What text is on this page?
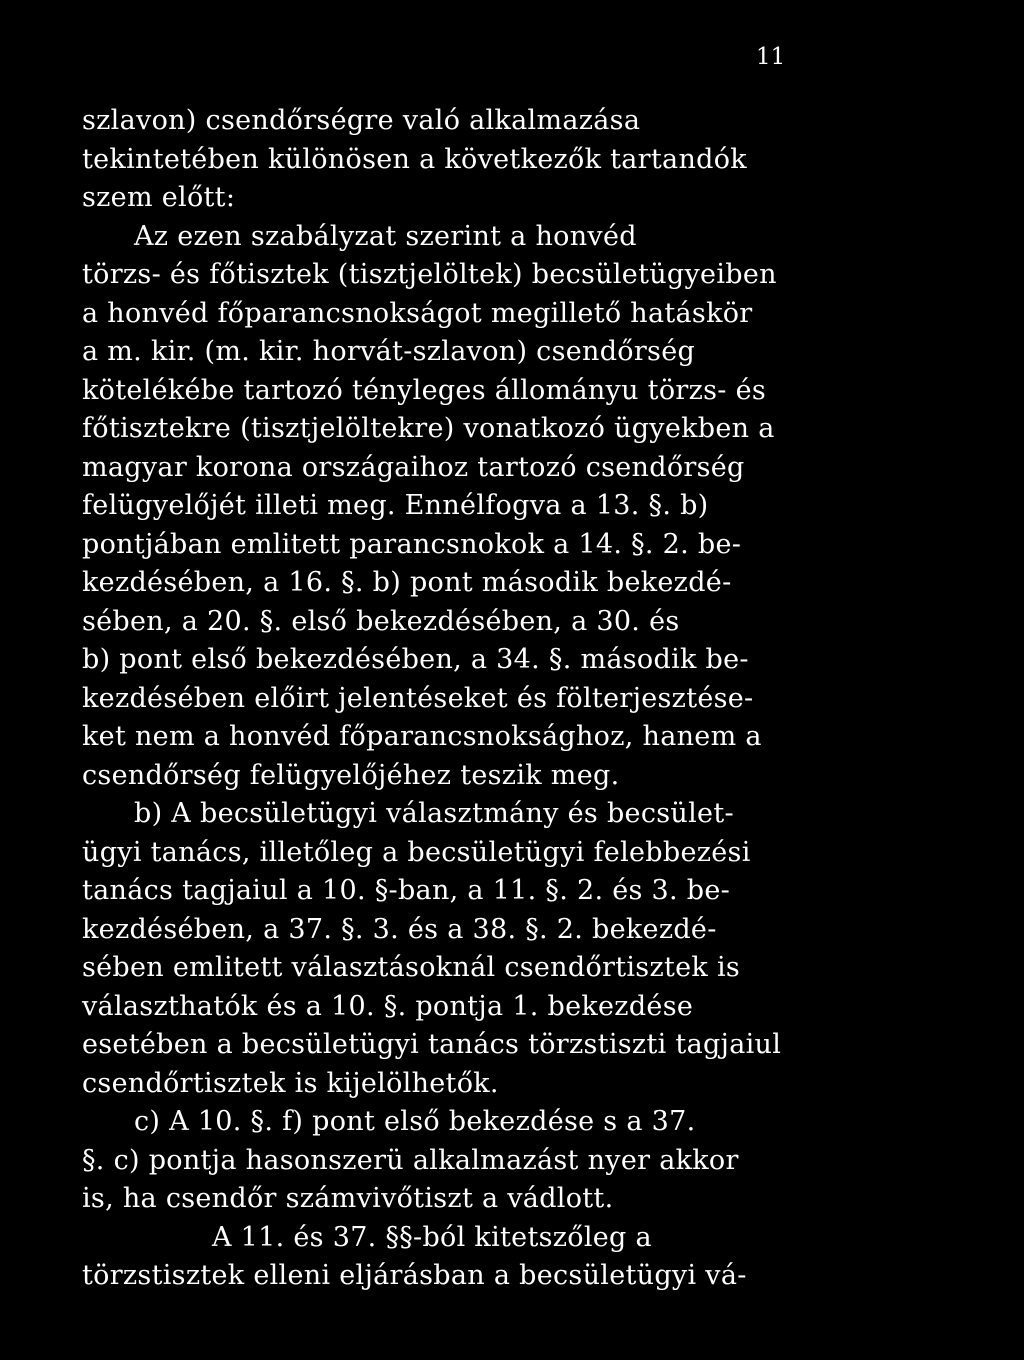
11
szlavon) csendőrségre való alkalmazása tekintetében különösen a következők tartandók szem előtt:
Az ezen szabályzat szerint a honvéd
törzs- és főtisztek (tisztjelöltek) becsületügyeiben
a honvéd főparancsnokságot megillető hatáskör
a m. kir. (m. kir. horvát-szlavon) csendőrség
kötelékébe tartozó tényleges állományu törzs- és
főtisztekre (tisztjelöltekre) vonatkozó ügyekben a
magyar korona országaihoz tartozó csendőrség
felügyelőjét illeti meg. Ennélfogva a 13. §. b)
pontjában emlitett parancsnokok a 14. §. 2. be-
kezdésében, a 16. §. b) pont második bekezdé-
sében, a 20. §. első bekezdésében, a 30. és
b) pont első bekezdésében, a 34. §. második be-
kezdésében előirt jelentéseket és fölterjesztése-
ket nem a honvéd főparancsnoksághoz, hanem a
csendőrség felügyelőjéhez teszik meg.
b) A becsületügyi választmány és becsület-
ügyi tanács, illetőleg a becsületügyi felebbezési
tanács tagjaiul a 10. §-ban, a 11. §. 2. és 3. be-
kezdésében, a 37. §. 3. és a 38. §. 2. bekezdé-
sében emlitett választásoknál csendőrtisztek is
választhatók és a 10. §. pontja 1. bekezdése
esetében a becsületügyi tanács törzstiszti tagjaiul
csendőrtisztek is kijelölhetők.
c) A 10. §. f) pont első bekezdése s a 37.
§. c) pontja hasonszerü alkalmazást nyer akkor
is, ha csendőr számvivőtiszt a vádlott.
A 11. és 37. §§-ból kitetszőleg a
törzstisztek elleni eljárásban a becsületügyi vá-
